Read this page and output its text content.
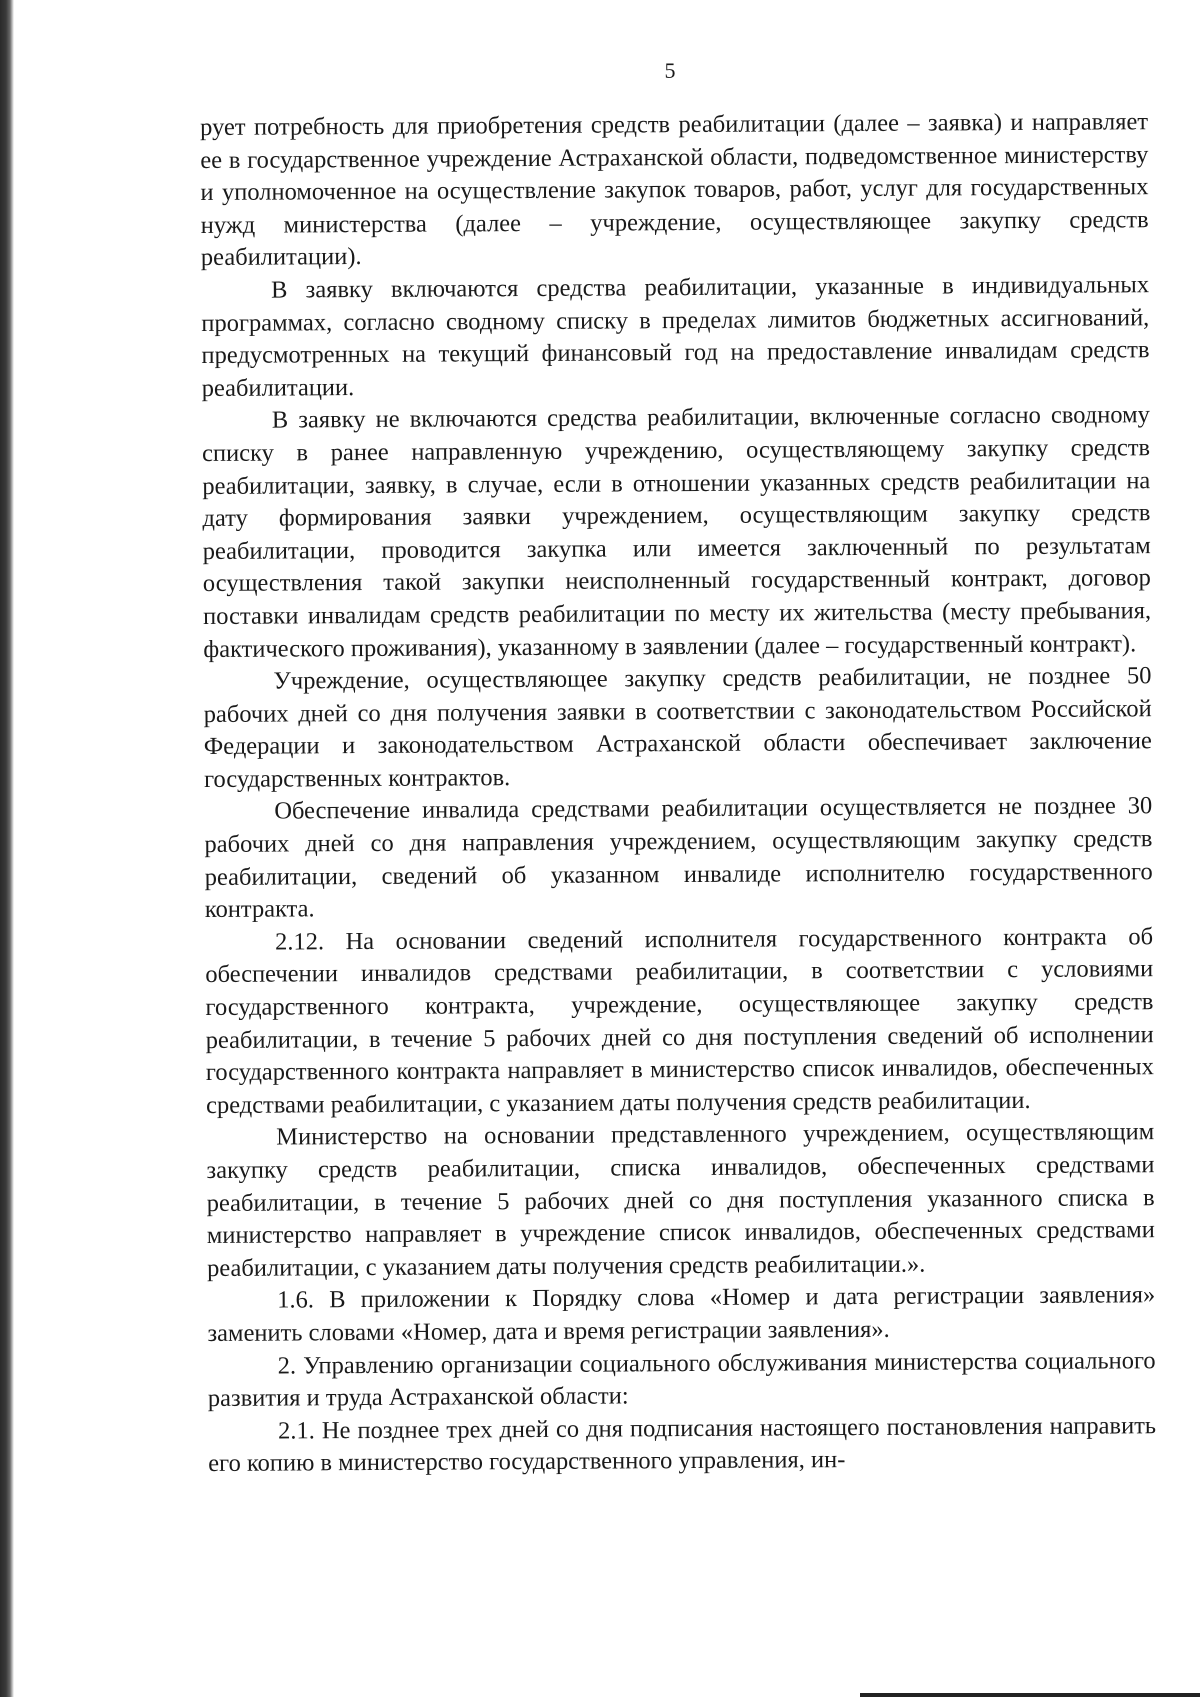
5

рует потребность для приобретения средств реабилитации (далее – заявка) и направляет ее в государственное учреждение Астраханской области, подведомственное министерству и уполномоченное на осуществление закупок товаров, работ, услуг для государственных нужд министерства (далее – учреждение, осуществляющее закупку средств реабилитации).

В заявку включаются средства реабилитации, указанные в индивидуальных программах, согласно сводному списку в пределах лимитов бюджетных ассигнований, предусмотренных на текущий финансовый год на предоставление инвалидам средств реабилитации.

В заявку не включаются средства реабилитации, включенные согласно сводному списку в ранее направленную учреждению, осуществляющему закупку средств реабилитации, заявку, в случае, если в отношении указанных средств реабилитации на дату формирования заявки учреждением, осуществляющим закупку средств реабилитации, проводится закупка или имеется заключенный по результатам осуществления такой закупки неисполненный государственный контракт, договор поставки инвалидам средств реабилитации по месту их жительства (месту пребывания, фактического проживания), указанному в заявлении (далее – государственный контракт).

Учреждение, осуществляющее закупку средств реабилитации, не позднее 50 рабочих дней со дня получения заявки в соответствии с законодательством Российской Федерации и законодательством Астраханской области обеспечивает заключение государственных контрактов.

Обеспечение инвалида средствами реабилитации осуществляется не позднее 30 рабочих дней со дня направления учреждением, осуществляющим закупку средств реабилитации, сведений об указанном инвалиде исполнителю государственного контракта.

2.12. На основании сведений исполнителя государственного контракта об обеспечении инвалидов средствами реабилитации, в соответствии с условиями государственного контракта, учреждение, осуществляющее закупку средств реабилитации, в течение 5 рабочих дней со дня поступления сведений об исполнении государственного контракта направляет в министерство список инвалидов, обеспеченных средствами реабилитации, с указанием даты получения средств реабилитации.

Министерство на основании представленного учреждением, осуществляющим закупку средств реабилитации, списка инвалидов, обеспеченных средствами реабилитации, в течение 5 рабочих дней со дня поступления указанного списка в министерство направляет в учреждение список инвалидов, обеспеченных средствами реабилитации, с указанием даты получения средств реабилитации.».

1.6. В приложении к Порядку слова «Номер и дата регистрации заявления» заменить словами «Номер, дата и время регистрации заявления».

2. Управлению организации социального обслуживания министерства социального развития и труда Астраханской области:

2.1. Не позднее трех дней со дня подписания настоящего постановления направить его копию в министерство государственного управления, ин-
